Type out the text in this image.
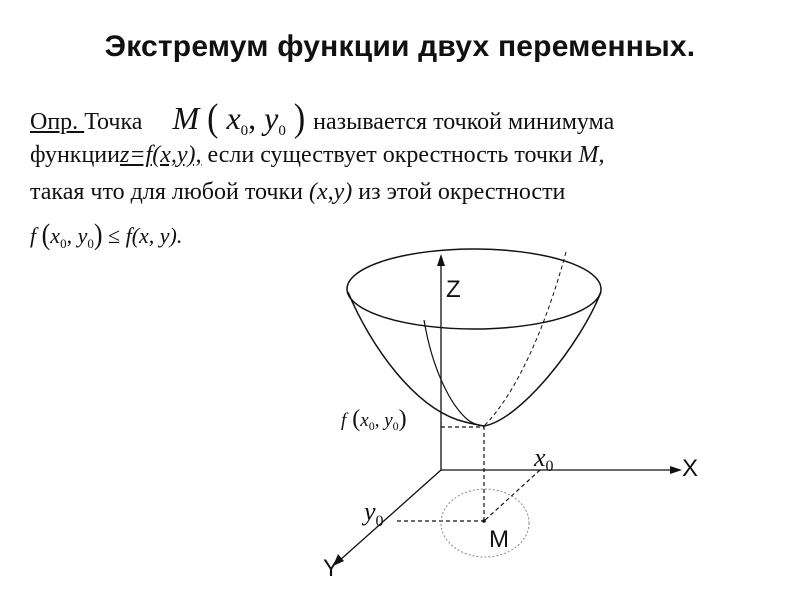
Экстремум функции двух переменных.
Опр. Точка M ( $x_0$, $y_0$ ) называется точкой минимума
функцииz=f(x,y), если существует окрестность точки M,
такая что для любой точки (x,y) из этой окрестности
f ($x_0$, $y_0) \le f(x$, y).
Z
X
Y
M
x0
$y_0$
f ($x_0$, $y_0$)
